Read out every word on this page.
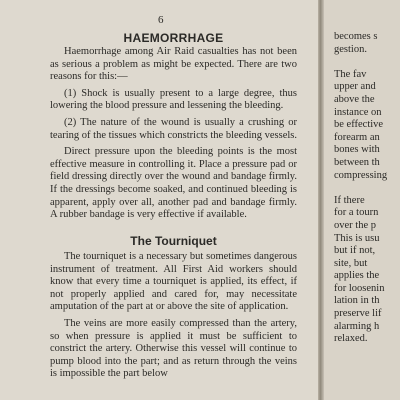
6
HAEMORRHAGE

Haemorrhage among Air Raid casualties has not been as serious a problem as might be expected. There are two reasons for this:—

(1) Shock is usually present to a large degree, thus lowering the blood pressure and lessening the bleeding.

(2) The nature of the wound is usually a crushing or tearing of the tissues which constricts the bleeding vessels.

Direct pressure upon the bleeding points is the most effective measure in controlling it. Place a pressure pad or field dressing directly over the wound and bandage firmly. If the dressings become soaked, and continued bleeding is apparent, apply over all, another pad and bandage firmly. A rubber bandage is very effective if available.

The Tourniquet

The tourniquet is a necessary but sometimes dangerous instrument of treatment. All First Aid workers should know that every time a tourniquet is applied, its effect, if not properly applied and cared for, may necessitate amputation of the part at or above the site of application.

The veins are more easily compressed than the artery, so when pressure is applied it must be sufficient to constrict the artery. Otherwise this vessel will continue to pump blood into the part; and as return through the veins is impossible the part below

becomes s
gestion.
The fav
upper and
above the
instance on
be effective
forearm an
bones with
between th
compressing
If there
for a tourn
over the p
This is usu
but if not,
site, but
applies the
for loosenin
lation in th
preserve lif
alarming h
relaxed.
